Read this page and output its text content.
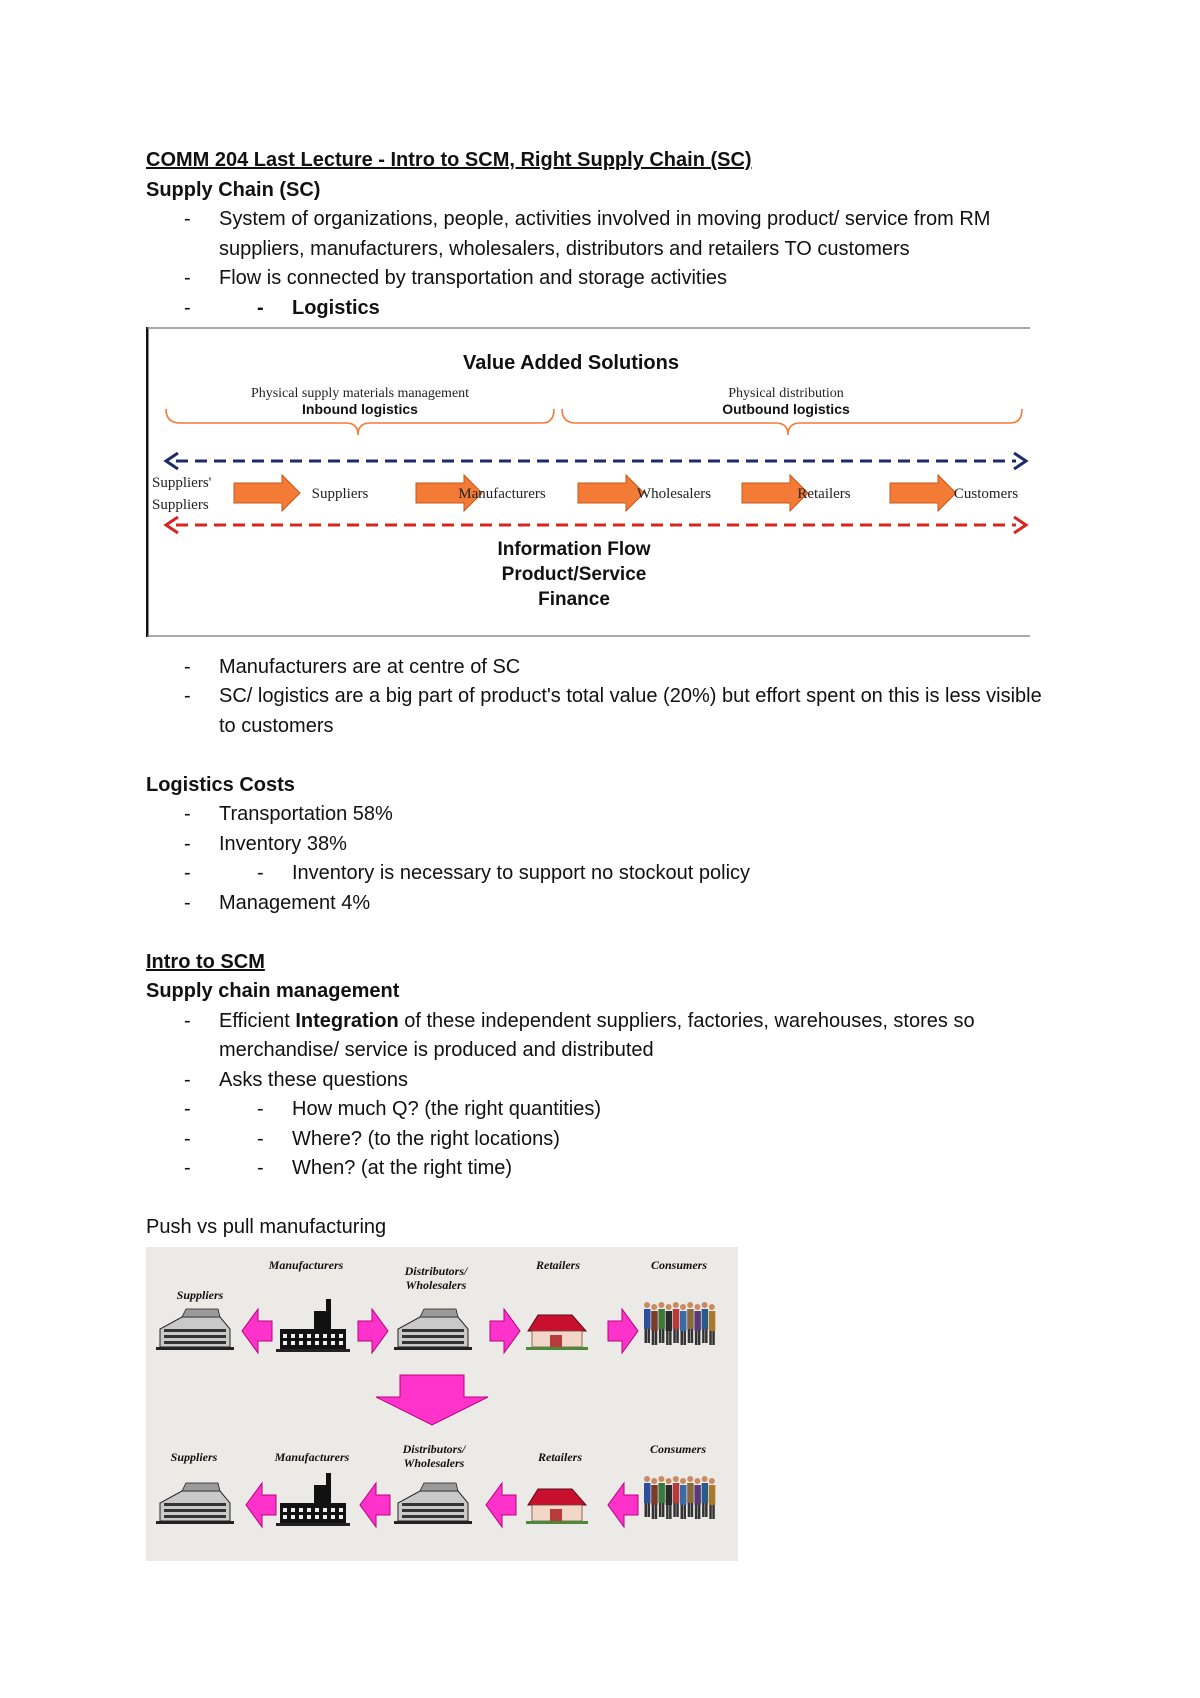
COMM 204 Last Lecture - Intro to SCM, Right Supply Chain (SC)

Supply Chain (SC)

- System of organizations, people, activities involved in moving product/ service from RM suppliers, manufacturers, wholesalers, distributors and retailers TO customers
- Flow is connected by transportation and storage activities
- - Logistics
Value Added Solutions
Physical supply materials management
Inbound logistics
Physical distribution
Outbound logistics
Suppliers'
Suppliers
Suppliers	Manufacturers	Wholesalers	Retailers	Customers
Information Flow
Product/Service
Finance
- Manufacturers are at centre of SC
- SC/ logistics are a big part of product's total value (20%) but effort spent on this is less visible to customers

Logistics Costs

- Transportation 58%
- Inventory 38%
- - Inventory is necessary to support no stockout policy
- Management 4%

Intro to SCM

Supply chain management

- Efficient Integration of these independent suppliers, factories, warehouses, stores so merchandise/ service is produced and distributed
- Asks these questions
- - How much Q? (the right quantities)
- - Where? (to the right locations)
- - When? (at the right time)

Push vs pull manufacturing

Suppliers
Manufacturers	Distributors/
Wholesalers
Retailers	Consumers
Suppliers	Manufacturers
Distributors/
Wholesalers	Retailers
Consumers
